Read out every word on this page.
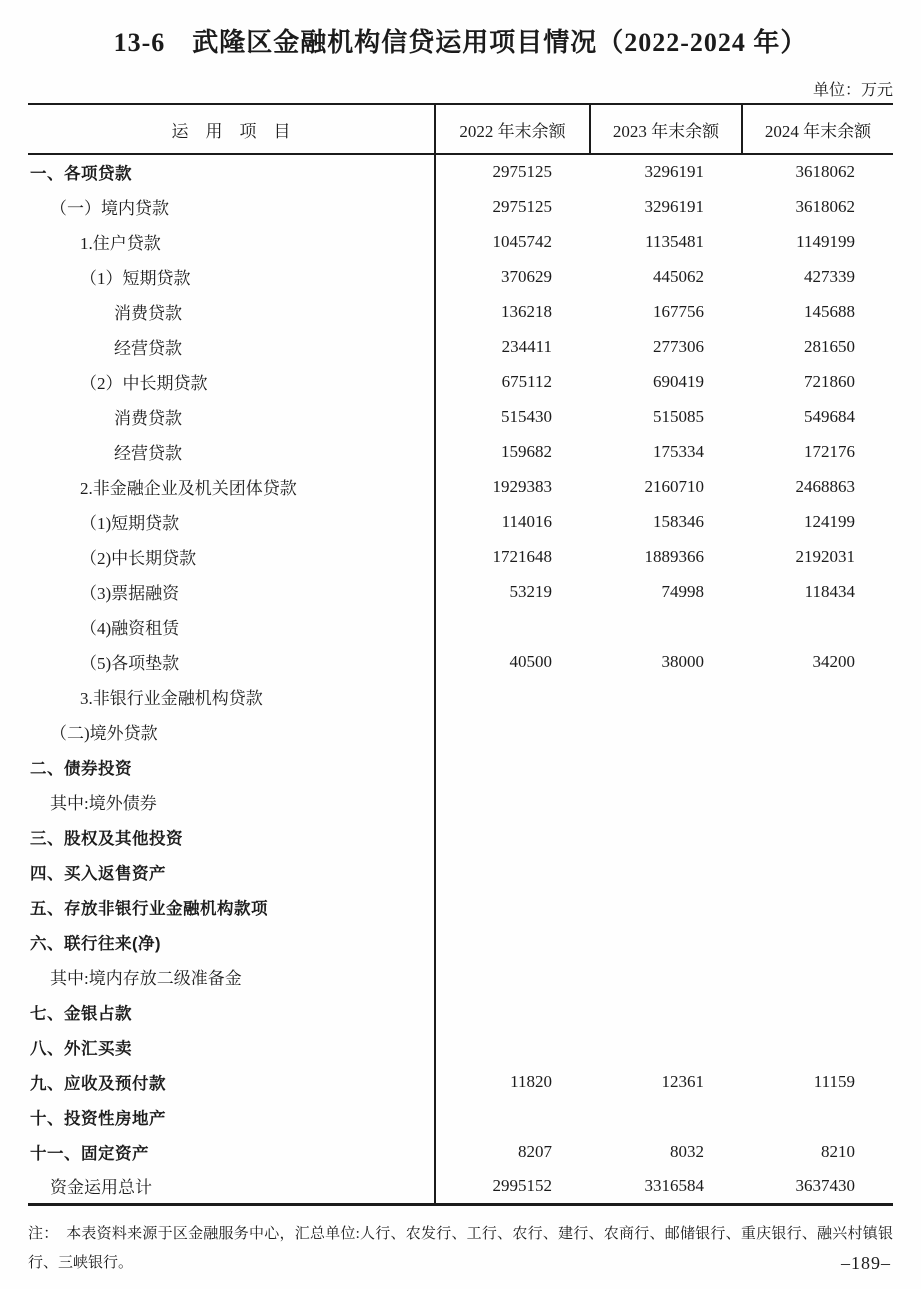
13-6　武隆区金融机构信贷运用项目情况（2022-2024 年）
单位：万元
运　用　项　目	2022 年末余额	2023 年末余额	2024 年末余额
一、各项贷款	2975125	3296191	3618062
（一）境内贷款	2975125	3296191	3618062
1.住户贷款	1045742	1135481	1149199
（1）短期贷款	370629	445062	427339
消费贷款	136218	167756	145688
经营贷款	234411	277306	281650
（2）中长期贷款	675112	690419	721860
消费贷款	515430	515085	549684
经营贷款	159682	175334	172176
2.非金融企业及机关团体贷款	1929383	2160710	2468863
（1)短期贷款	114016	158346	124199
（2)中长期贷款	1721648	1889366	2192031
（3)票据融资	53219	74998	118434
（4)融资租赁			
（5)各项垫款	40500	38000	34200
3.非银行业金融机构贷款			
（二)境外贷款			
二、债券投资			
其中:境外债券			
三、股权及其他投资			
四、买入返售资产			
五、存放非银行业金融机构款项			
六、联行往来(净)			
其中:境内存放二级准备金			
七、金银占款			
八、外汇买卖			
九、应收及预付款	11820	12361	11159
十、投资性房地产			
十一、固定资产	8207	8032	8210
资金运用总计	2995152	3316584	3637430
注：　本表资料来源于区金融服务中心，汇总单位:人行、农发行、工行、农行、建行、农商行、邮储银行、重庆银行、融兴村镇银行、三峡银行。	–189–
